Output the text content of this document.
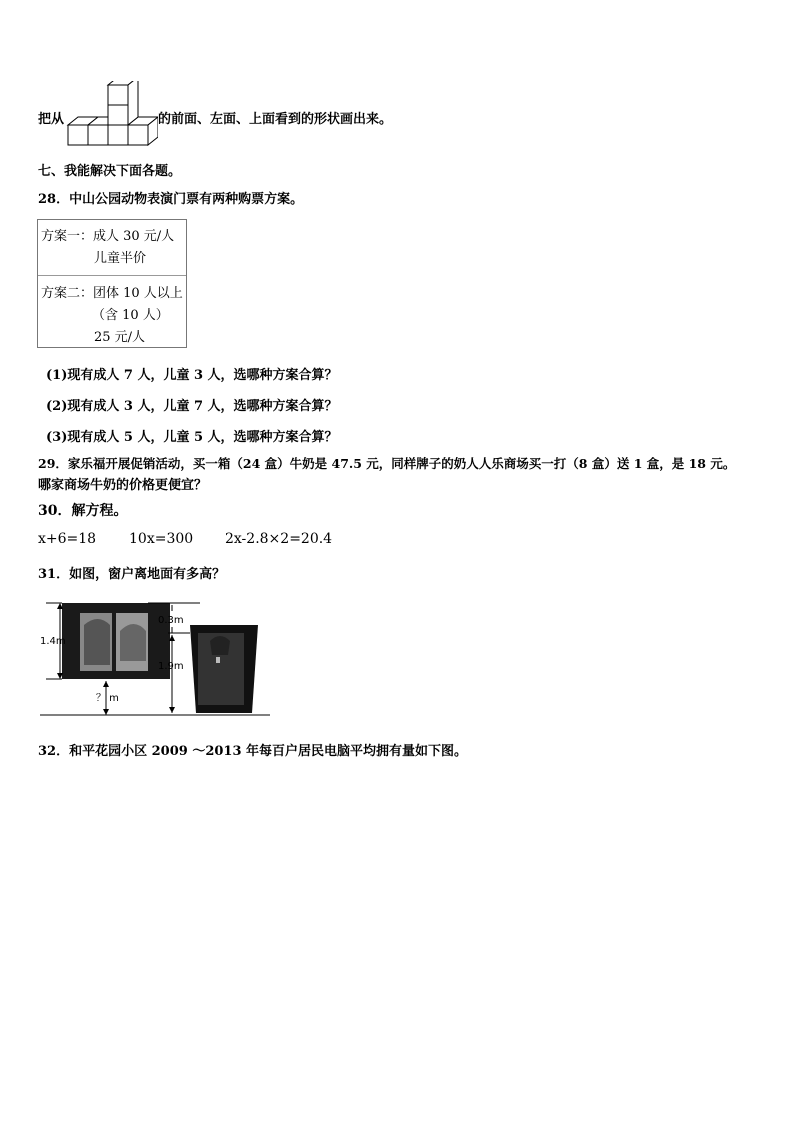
把从	的前面、左面、上面看到的形状画出来。
七、我能解决下面各题。
28．中山公园动物表演门票有两种购票方案。
方案一：成人 30 元/人
儿童半价
方案二：团体 10 人以上
（含 10 人）
25 元/人
(1)现有成人 7 人，儿童 3 人，选哪种方案合算？
(2)现有成人 3 人，儿童 7 人，选哪种方案合算？
(3)现有成人 5 人，儿童 5 人，选哪种方案合算？
29．家乐福开展促销活动，买一箱（24 盒）牛奶是 47.5 元，同样牌子的奶人人乐商场买一打（8 盒）送 1 盒，是 18 元。
哪家商场牛奶的价格更便宜？
30．解方程。
x+6=18 10x=300 2x-2.8×2=20.4
31．如图，窗户离地面有多高？
1.4m
？ m
0.3m
1.9m
32．和平花园小区 2009 ～2013 年每百户居民电脑平均拥有量如下图。
